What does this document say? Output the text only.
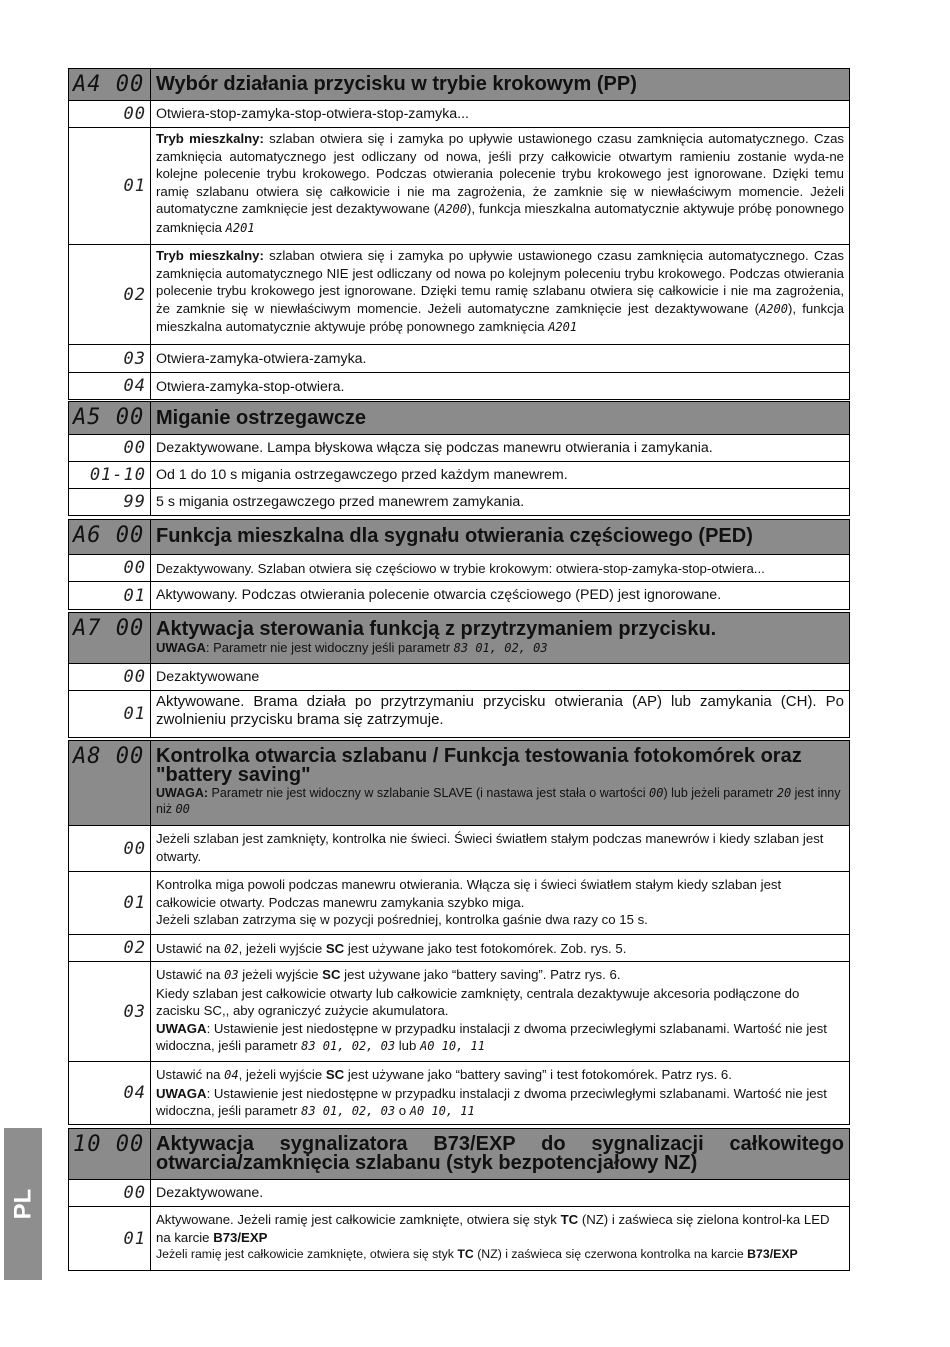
PL
A4 00 Wybór działania przycisku w trybie krokowym (PP)
00 Otwiera-stop-zamyka-stop-otwiera-stop-zamyka...
01
Tryb mieszkalny: szlaban otwiera się i zamyka po upływie ustawionego czasu zamknięcia automatycznego. Czas zamknięcia automatycznego jest odliczany od nowa, jeśli przy całkowicie otwartym ramieniu zostanie wyda-ne kolejne polecenie trybu krokowego. Podczas otwierania polecenie trybu krokowego jest ignorowane. Dzięki temu ramię szlabanu otwiera się całkowicie i nie ma zagrożenia, że zamknie się w niewłaściwym momencie. Jeżeli automatyczne zamknięcie jest dezaktywowane (A200), funkcja mieszkalna automatycznie aktywuje próbę ponownego zamknięcia A201
02
Tryb mieszkalny: szlaban otwiera się i zamyka po upływie ustawionego czasu zamknięcia automatycznego. Czas zamknięcia automatycznego NIE jest odliczany od nowa po kolejnym poleceniu trybu krokowego. Podczas otwierania polecenie trybu krokowego jest ignorowane. Dzięki temu ramię szlabanu otwiera się całkowicie i nie ma zagrożenia, że zamknie się w niewłaściwym momencie. Jeżeli automatyczne zamknięcie jest dezaktywowane (A200), funkcja mieszkalna automatycznie aktywuje próbę ponownego zamknięcia A201
03 Otwiera-zamyka-otwiera-zamyka.
04 Otwiera-zamyka-stop-otwiera.
A5 00 Miganie ostrzegawcze
00 Dezaktywowane. Lampa błyskowa włącza się podczas manewru otwierania i zamykania.
01-10 Od 1 do 10 s migania ostrzegawczego przed każdym manewrem.
99 5 s migania ostrzegawczego przed manewrem zamykania.
A6 00 Funkcja mieszkalna dla sygnału otwierania częściowego (PED)
00 Dezaktywowany. Szlaban otwiera się częściowo w trybie krokowym: otwiera-stop-zamyka-stop-otwiera...
01 Aktywowany. Podczas otwierania polecenie otwarcia częściowego (PED) jest ignorowane.
A7 00 Aktywacja sterowania funkcją z przytrzymaniem przycisku.
UWAGA: Parametr nie jest widoczny jeśli parametr 83 01, 02, 03
00 Dezaktywowane
01
Aktywowane. Brama działa po przytrzymaniu przycisku otwierania (AP) lub zamykania (CH). Po zwolnieniu przycisku brama się zatrzymuje.
A8 00 Kontrolka otwarcia szlabanu / Funkcja testowania fotokomórek oraz "battery saving"
UWAGA: Parametr nie jest widoczny w szlabanie SLAVE (i nastawa jest stała o wartości 00) lub jeżeli parametr 20 jest inny niż 00
00 Jeżeli szlaban jest zamknięty, kontrolka nie świeci. Świeci światłem stałym podczas manewrów i kiedy szlaban jest otwarty.
01
Kontrolka miga powoli podczas manewru otwierania. Włącza się i świeci światłem stałym kiedy szlaban jest całkowicie otwarty. Podczas manewru zamykania szybko miga.
Jeżeli szlaban zatrzyma się w pozycji pośredniej, kontrolka gaśnie dwa razy co 15 s.
02 Ustawić na 02, jeżeli wyjście SC jest używane jako test fotokomórek. Zob. rys. 5.
03
Ustawić na 03 jeżeli wyjście SC jest używane jako “battery saving”. Patrz rys. 6.
Kiedy szlaban jest całkowicie otwarty lub całkowicie zamknięty, centrala dezaktywuje akcesoria podłączone do zacisku SC,, aby ograniczyć zużycie akumulatora.
UWAGA: Ustawienie jest niedostępne w przypadku instalacji z dwoma przeciwległymi szlabanami. Wartość nie jest widoczna, jeśli parametr 83 01, 02, 03 lub A0 10, 11
04
Ustawić na 04, jeżeli wyjście SC jest używane jako “battery saving” i test fotokomórek. Patrz rys. 6.
UWAGA: Ustawienie jest niedostępne w przypadku instalacji z dwoma przeciwległymi szlabanami. Wartość nie jest widoczna, jeśli parametr 83 01, 02, 03 o A0 10, 11
10 00 Aktywacja sygnalizatora B73/EXP do sygnalizacji całkowitego otwarcia/zamknięcia szlabanu (styk bezpotencjałowy NZ)
00 Dezaktywowane.
01
Aktywowane. Jeżeli ramię jest całkowicie zamknięte, otwiera się styk TC (NZ) i zaświeca się zielona kontrol-ka LED na karcie B73/EXP
Jeżeli ramię jest całkowicie zamknięte, otwiera się styk TC (NZ) i zaświeca się czerwona kontrolka na karcie B73/EXP
